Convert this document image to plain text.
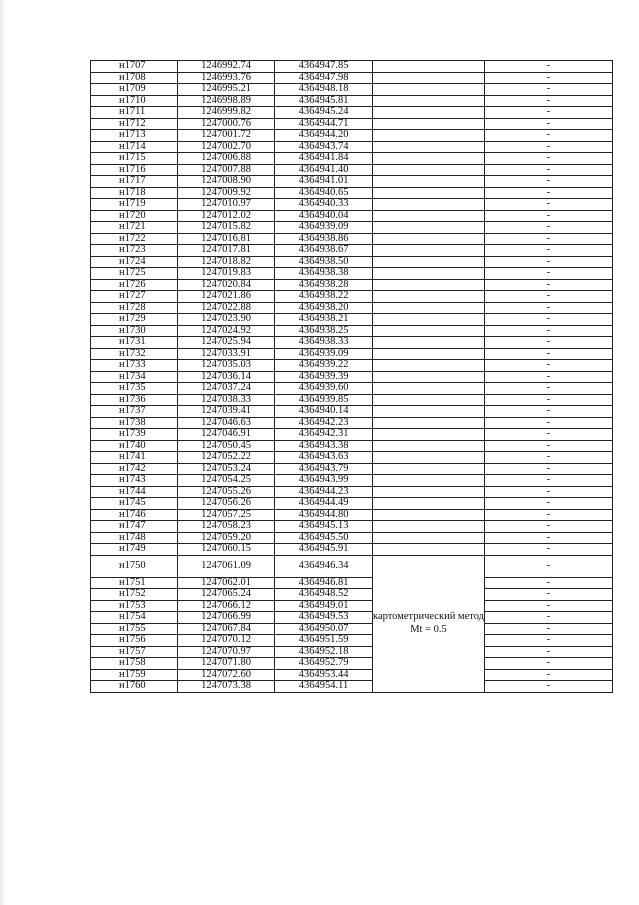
н1707	1246992.74	4364947.85		-
н1708	1246993.76	4364947.98		-
н1709	1246995.21	4364948.18		-
н1710	1246998.89	4364945.81		-
н1711	1246999.82	4364945.24		-
н1712	1247000.76	4364944.71		-
н1713	1247001.72	4364944.20		-
н1714	1247002.70	4364943.74		-
н1715	1247006.88	4364941.84		-
н1716	1247007.88	4364941.40		-
н1717	1247008.90	4364941.01		-
н1718	1247009.92	4364940.65		-
н1719	1247010.97	4364940.33		-
н1720	1247012.02	4364940.04		-
н1721	1247015.82	4364939.09		-
н1722	1247016.81	4364938.86		-
н1723	1247017.81	4364938.67		-
н1724	1247018.82	4364938.50		-
н1725	1247019.83	4364938.38		-
н1726	1247020.84	4364938.28		-
н1727	1247021.86	4364938.22		-
н1728	1247022.88	4364938.20		-
н1729	1247023.90	4364938.21		-
н1730	1247024.92	4364938.25		-
н1731	1247025.94	4364938.33		-
н1732	1247033.91	4364939.09		-
н1733	1247035.03	4364939.22		-
н1734	1247036.14	4364939.39		-
н1735	1247037.24	4364939.60		-
н1736	1247038.33	4364939.85		-
н1737	1247039.41	4364940.14		-
н1738	1247046.63	4364942.23		-
н1739	1247046.91	4364942.31		-
н1740	1247050.45	4364943.38		-
н1741	1247052.22	4364943.63		-
н1742	1247053.24	4364943.79		-
н1743	1247054.25	4364943.99		-
н1744	1247055.26	4364944.23		-
н1745	1247056.26	4364944.49		-
н1746	1247057.25	4364944.80		-
н1747	1247058.23	4364945.13		-
н1748	1247059.20	4364945.50		-
н1749	1247060.15	4364945.91		-
н1750	1247061.09	4364946.34	картометрический метод Mt = 0.5	-
н1751	1247062.01	4364946.81		-
н1752	1247065.24	4364948.52		-
н1753	1247066.12	4364949.01		-
н1754	1247066.99	4364949.53		-
н1755	1247067.84	4364950.07		-
н1756	1247070.12	4364951.59		-
н1757	1247070.97	4364952.18		-
н1758	1247071.80	4364952.79		-
н1759	1247072.60	4364953.44		-
н1760	1247073.38	4364954.11		-
